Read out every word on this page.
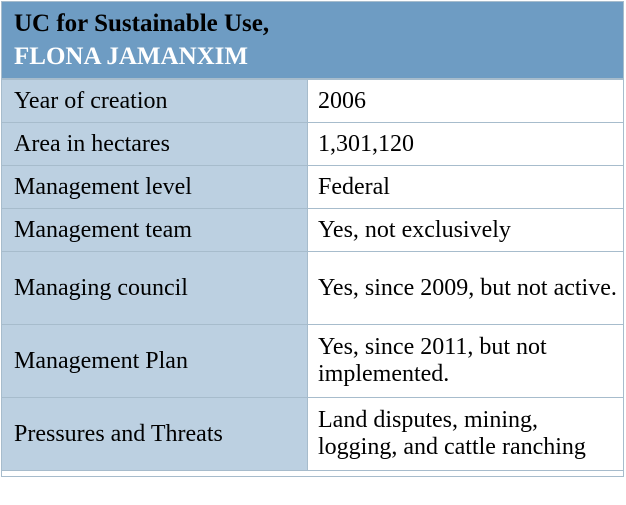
UC for Sustainable Use,
FLONA JAMANXIM
Year of creation	2006
Area in hectares	1,301,120
Management level	Federal
Management team	Yes, not exclusively
Managing council	Yes, since 2009, but not active.
Management Plan	Yes, since 2011, but not implemented.
Pressures and Threats	Land disputes, mining, logging, and cattle ranching
